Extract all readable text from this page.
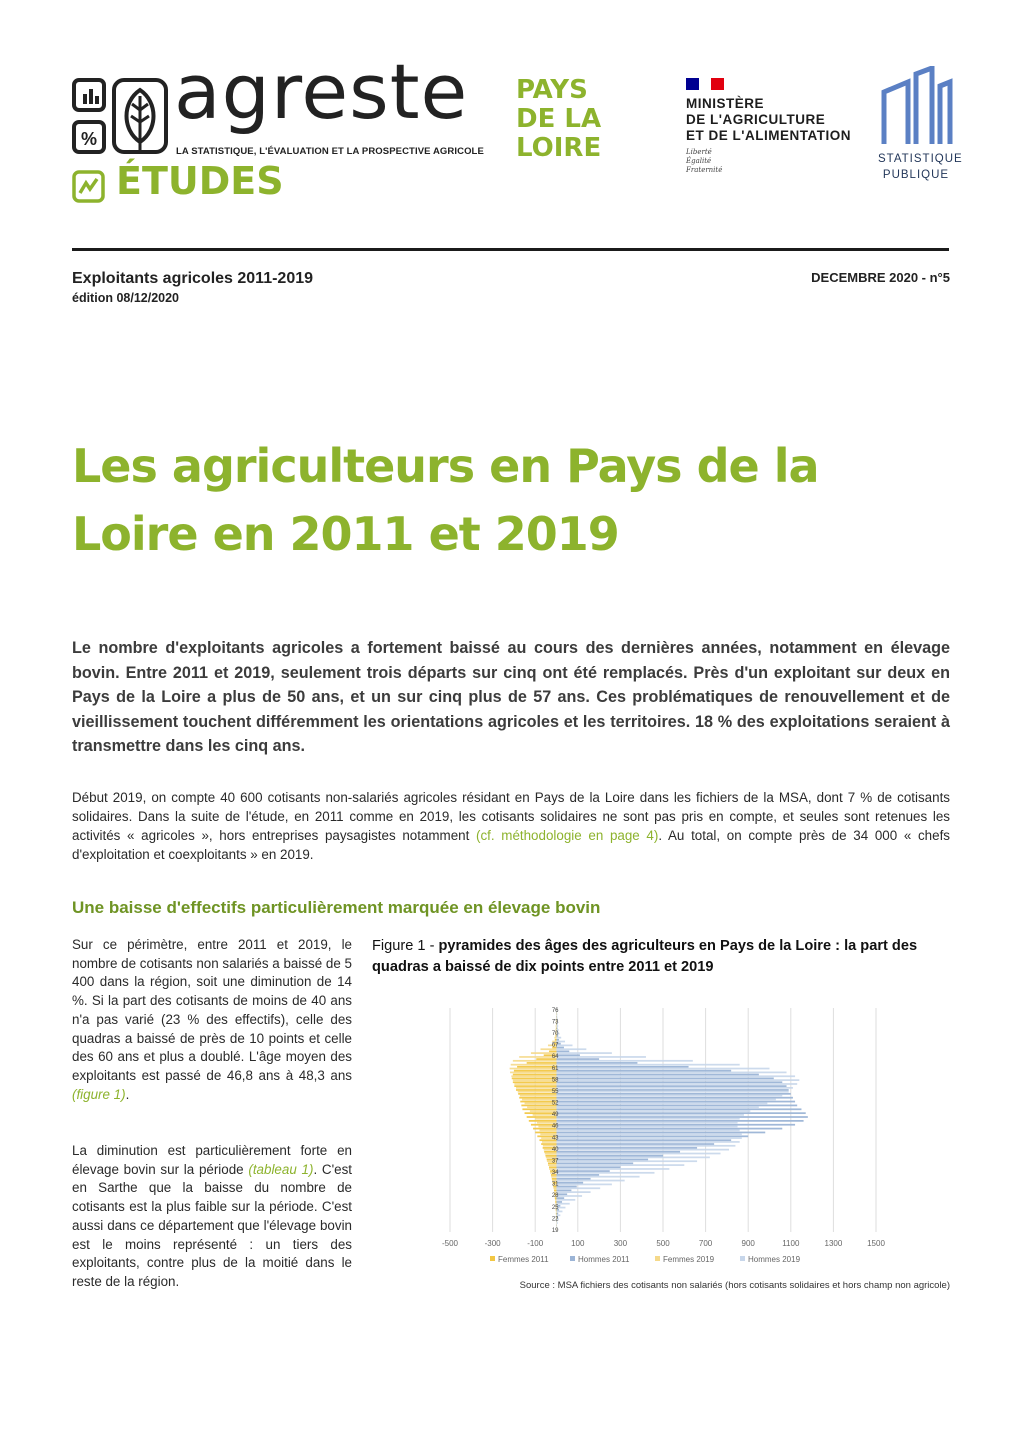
%
agreste
LA STATISTIQUE, L'ÉVALUATION ET LA PROSPECTIVE AGRICOLE
ÉTUDES
PAYS
DE LA
LOIRE
MINISTÈRE
DE L'AGRICULTURE
ET DE L'ALIMENTATION
Liberté
Égalité
Fraternité
STATISTIQUE
PUBLIQUE
Exploitants agricoles 2011-2019
édition 08/12/2020
DECEMBRE 2020 - n°5
Les agriculteurs en Pays de la Loire en 2011 et 2019

Le nombre d'exploitants agricoles a fortement baissé au cours des dernières années, notamment en élevage bovin. Entre 2011 et 2019, seulement trois départs sur cinq ont été remplacés. Près d'un exploitant sur deux en Pays de la Loire a plus de 50 ans, et un sur cinq plus de 57 ans. Ces problématiques de renouvellement et de vieillissement touchent différemment les orientations agricoles et les territoires. 18 % des exploitations seraient à transmettre dans les cinq ans.

Début 2019, on compte 40 600 cotisants non-salariés agricoles résidant en Pays de la Loire dans les fichiers de la MSA, dont 7 % de cotisants solidaires. Dans la suite de l'étude, en 2011 comme en 2019, les cotisants solidaires ne sont pas pris en compte, et seules sont retenues les activités « agricoles », hors entreprises paysagistes notamment (cf. méthodologie en page 4). Au total, on compte près de 34 000 « chefs d'exploitation et coexploitants » en 2019.

Une baisse d'effectifs particulièrement marquée en élevage bovin

Sur ce périmètre, entre 2011 et 2019, le nombre de cotisants non salariés a baissé de 5 400 dans la région, soit une diminution de 14 %. Si la part des cotisants de moins de 40 ans n'a pas varié (23 % des effectifs), celle des quadras a baissé de près de 10 points et celle des 60 ans et plus a doublé. L'âge moyen des exploitants est passé de 46,8 ans à 48,3 ans (figure 1).

La diminution est particulièrement forte en élevage bovin sur la période (tableau 1). C'est en Sarthe que la baisse du nombre de cotisants est la plus faible sur la période. C'est aussi dans ce département que l'élevage bovin est le moins représenté : un tiers des exploitants, contre plus de la moitié dans le reste de la région.

Figure 1 - pyramides des âges des agriculteurs en Pays de la Loire : la part des quadras a baissé de dix points entre 2011 et 2019
-500	-300	-100	100	300	500	700	900	1100	1300	1500
76
73
70
67
64
61
58
55
52
49
46
43
40
37
34
31
28
25
22
19
Femmes 2011	Hommes 2011	Femmes 2019	Hommes 2019
Source : MSA fichiers des cotisants non salariés (hors cotisants solidaires et hors champ non agricole)
